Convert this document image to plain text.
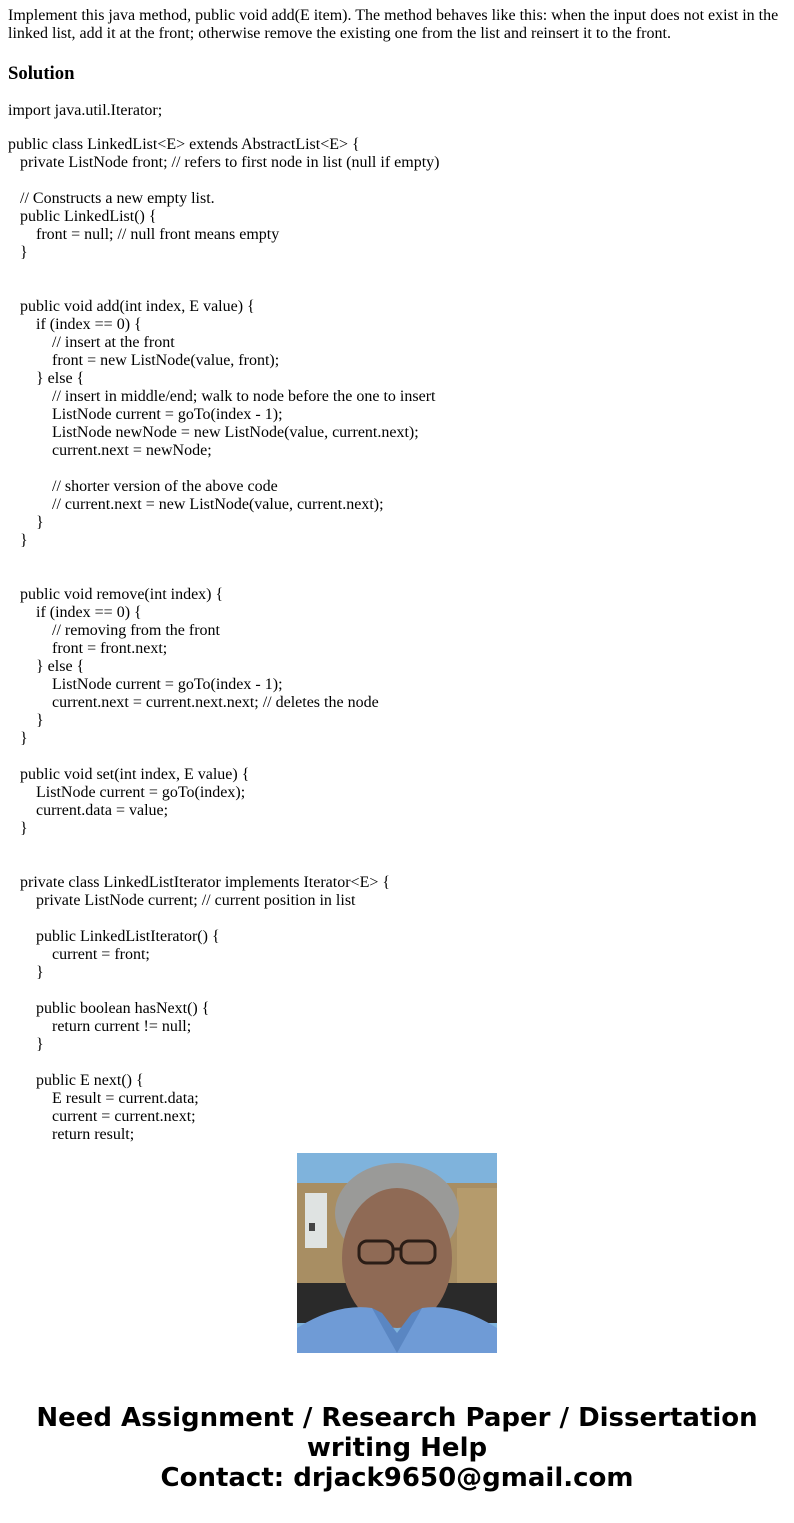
Implement this java method, public void add(E item). The method behaves like this: when the input does not exist in the linked list, add it at the front; otherwise remove the existing one from the list and reinsert it to the front.

Solution

import java.util.Iterator;

public class LinkedList<E> extends AbstractList<E> {
private ListNode front; // refers to first node in list (null if empty)
// Constructs a new empty list.
public LinkedList() {
front = null; // null front means empty
}
public void add(int index, E value) {
if (index == 0) {
// insert at the front
front = new ListNode(value, front);
} else {
// insert in middle/end; walk to node before the one to insert
ListNode current = goTo(index - 1);
ListNode newNode = new ListNode(value, current.next);
current.next = newNode;
// shorter version of the above code
// current.next = new ListNode(value, current.next);
}
}
public void remove(int index) {
if (index == 0) {
// removing from the front
front = front.next;
} else {
ListNode current = goTo(index - 1);
current.next = current.next.next; // deletes the node
}
}
public void set(int index, E value) {
ListNode current = goTo(index);
current.data = value;
}
private class LinkedListIterator implements Iterator<E> {
private ListNode current; // current position in list
public LinkedListIterator() {
current = front;
}
public boolean hasNext() {
return current != null;
}
public E next() {
E result = current.data;
current = current.next;
return result;
Need Assignment / Research Paper / Dissertation
writing Help
Contact: drjack9650@gmail.com
